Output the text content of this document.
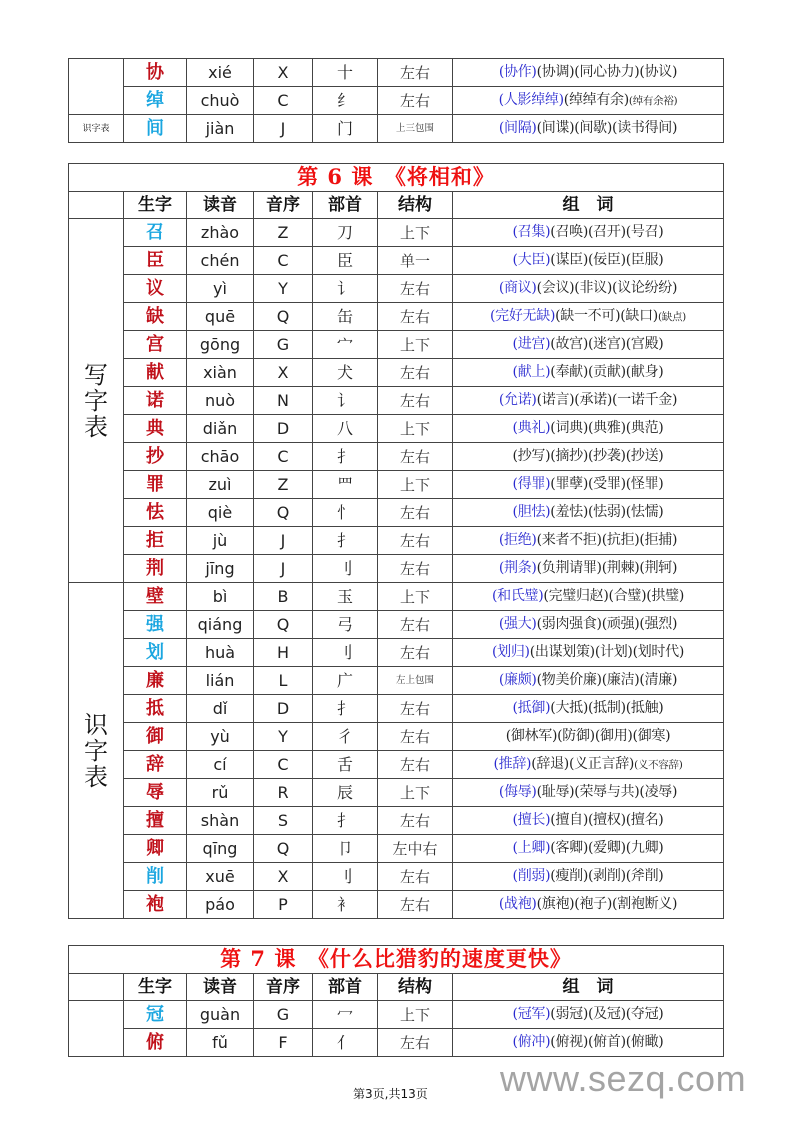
	协	xié	X	十	左右	(协作)(协调)(同心协力)(协议)
	绰	chuò	C	纟	左右	(人影绰绰)(绰绰有余)(绰有余裕)
识字表	间	jiàn	J	门	上三包围	(间隔)(间谍)(间歇)(读书得间)
第 6 课　《将相和》						
	生字	读音	音序	部首	结构	组　词

写
字
表	召	zhào	Z	刀	上下	(召集)(召唤)(召开)(号召)
	臣	chén	C	臣	单一	(大臣)(谋臣)(佞臣)(臣服)
	议	yì	Y	讠	左右	(商议)(会议)(非议)(议论纷纷)
	缺	quē	Q	缶	左右	(完好无缺)(缺一不可)(缺口)(缺点)
	宫	gōng	G	宀	上下	(进宫)(故宫)(迷宫)(宫殿)
	献	xiàn	X	犬	左右	(献上)(奉献)(贡献)(献身)
	诺	nuò	N	讠	左右	(允诺)(诺言)(承诺)(一诺千金)
	典	diǎn	D	八	上下	(典礼)(词典)(典雅)(典范)
	抄	chāo	C	扌	左右	(抄写)(摘抄)(抄袭)(抄送)
	罪	zuì	Z	罒	上下	(得罪)(罪孽)(受罪)(怪罪)
	怯	qiè	Q	忄	左右	(胆怯)(羞怯)(怯弱)(怯懦)
	拒	jù	J	扌	左右	(拒绝)(来者不拒)(抗拒)(拒捕)
	荆	jīng	J	刂	左右	(荆条)(负荆请罪)(荆棘)(荆轲)

识
字
表	壁	bì	B	玉	上下	(和氏璧)(完璧归赵)(合璧)(拱璧)
	强	qiáng	Q	弓	左右	(强大)(弱肉强食)(顽强)(强烈)
	划	huà	H	刂	左右	(划归)(出谋划策)(计划)(划时代)
	廉	lián	L	广	左上包围	(廉颇)(物美价廉)(廉洁)(清廉)
	抵	dǐ	D	扌	左右	(抵御)(大抵)(抵制)(抵触)
	御	yù	Y	彳	左右	(御林军)(防御)(御用)(御寒)
	辞	cí	C	舌	左右	(推辞)(辞退)(义正言辞)(义不容辞)
	辱	rǔ	R	辰	上下	(侮辱)(耻辱)(荣辱与共)(凌辱)
	擅	shàn	S	扌	左右	(擅长)(擅自)(擅权)(擅名)
	卿	qīng	Q	卩	左中右	(上卿)(客卿)(爱卿)(九卿)
	削	xuē	X	刂	左右	(削弱)(瘦削)(剥削)(斧削)
	袍	páo	P	衤	左右	(战袍)(旗袍)(袍子)(割袍断义)
第 7 课　《什么比猎豹的速度更快》						
	生字	读音	音序	部首	结构	组　词
	冠	guàn	G	冖	上下	(冠军)(弱冠)(及冠)(夺冠)
	俯	fǔ	F	亻	左右	(俯冲)(俯视)(俯首)(俯瞰)
第3页,共13页 www.sezq.com
